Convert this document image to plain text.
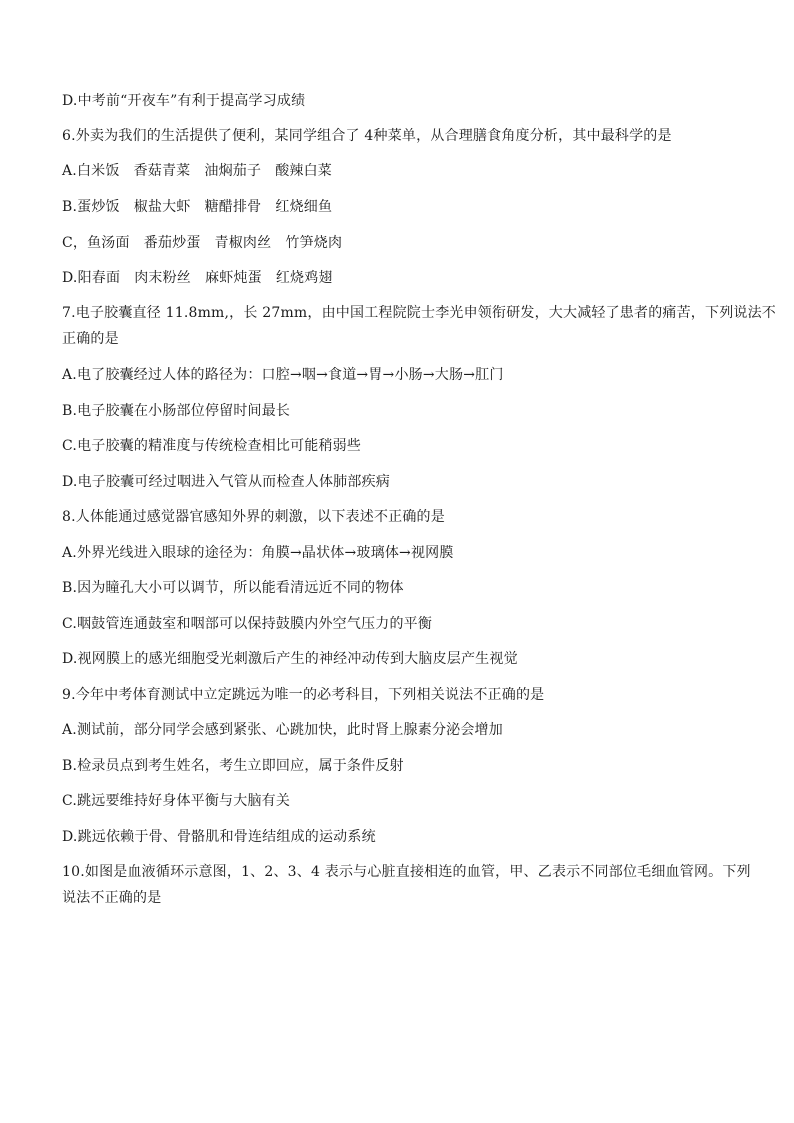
D.中考前“开夜车”有利于提高学习成绩
6.外卖为我们的生活提供了便利，某同学组合了 4种菜单，从合理膳食角度分析，其中最科学的是
A.白米饭 香菇青菜 油焖茄子 酸辣白菜
B.蛋炒饭 椒盐大虾 糖醋排骨 红烧细鱼
C，鱼汤面 番茄炒蛋 青椒肉丝 竹笋烧肉
D.阳春面 肉末粉丝 麻虾炖蛋 红烧鸡翅
7.电子胶囊直径 11.8mm,，长 27mm，由中国工程院院士李光申领衔研发，大大减轻了患者的痛苦，下列说法不
正确的是
A.电了胶囊经过人体的路径为：口腔→咽→食道→胃→小肠→大肠→肛门
B.电子胶囊在小肠部位停留时间最长
C.电子胶囊的精准度与传统检查相比可能稍弱些
D.电子胶囊可经过咽进入气管从而检查人体肺部疾病
8.人体能通过感觉器官感知外界的刺激，以下表述不正确的是
A.外界光线进入眼球的途径为：角膜→晶状体→玻璃体→视网膜
B.因为瞳孔大小可以调节，所以能看清远近不同的物体
C.咽鼓管连通鼓室和咽部可以保持鼓膜内外空气压力的平衡
D.视网膜上的感光细胞受光刺激后产生的神经冲动传到大脑皮层产生视觉
9.今年中考体育测试中立定跳远为唯一的必考科目，下列相关说法不正确的是
A.测试前，部分同学会感到紧张、心跳加快，此时肾上腺素分泌会增加
B.检录员点到考生姓名，考生立即回应，属于条件反射
C.跳远要维持好身体平衡与大脑有关
D.跳远依赖于骨、骨骼肌和骨连结组成的运动系统
10.如图是血液循环示意图，1、2、3、4 表示与心脏直接相连的血管，甲、乙表示不同部位毛细血管网。下列
说法不正确的是
